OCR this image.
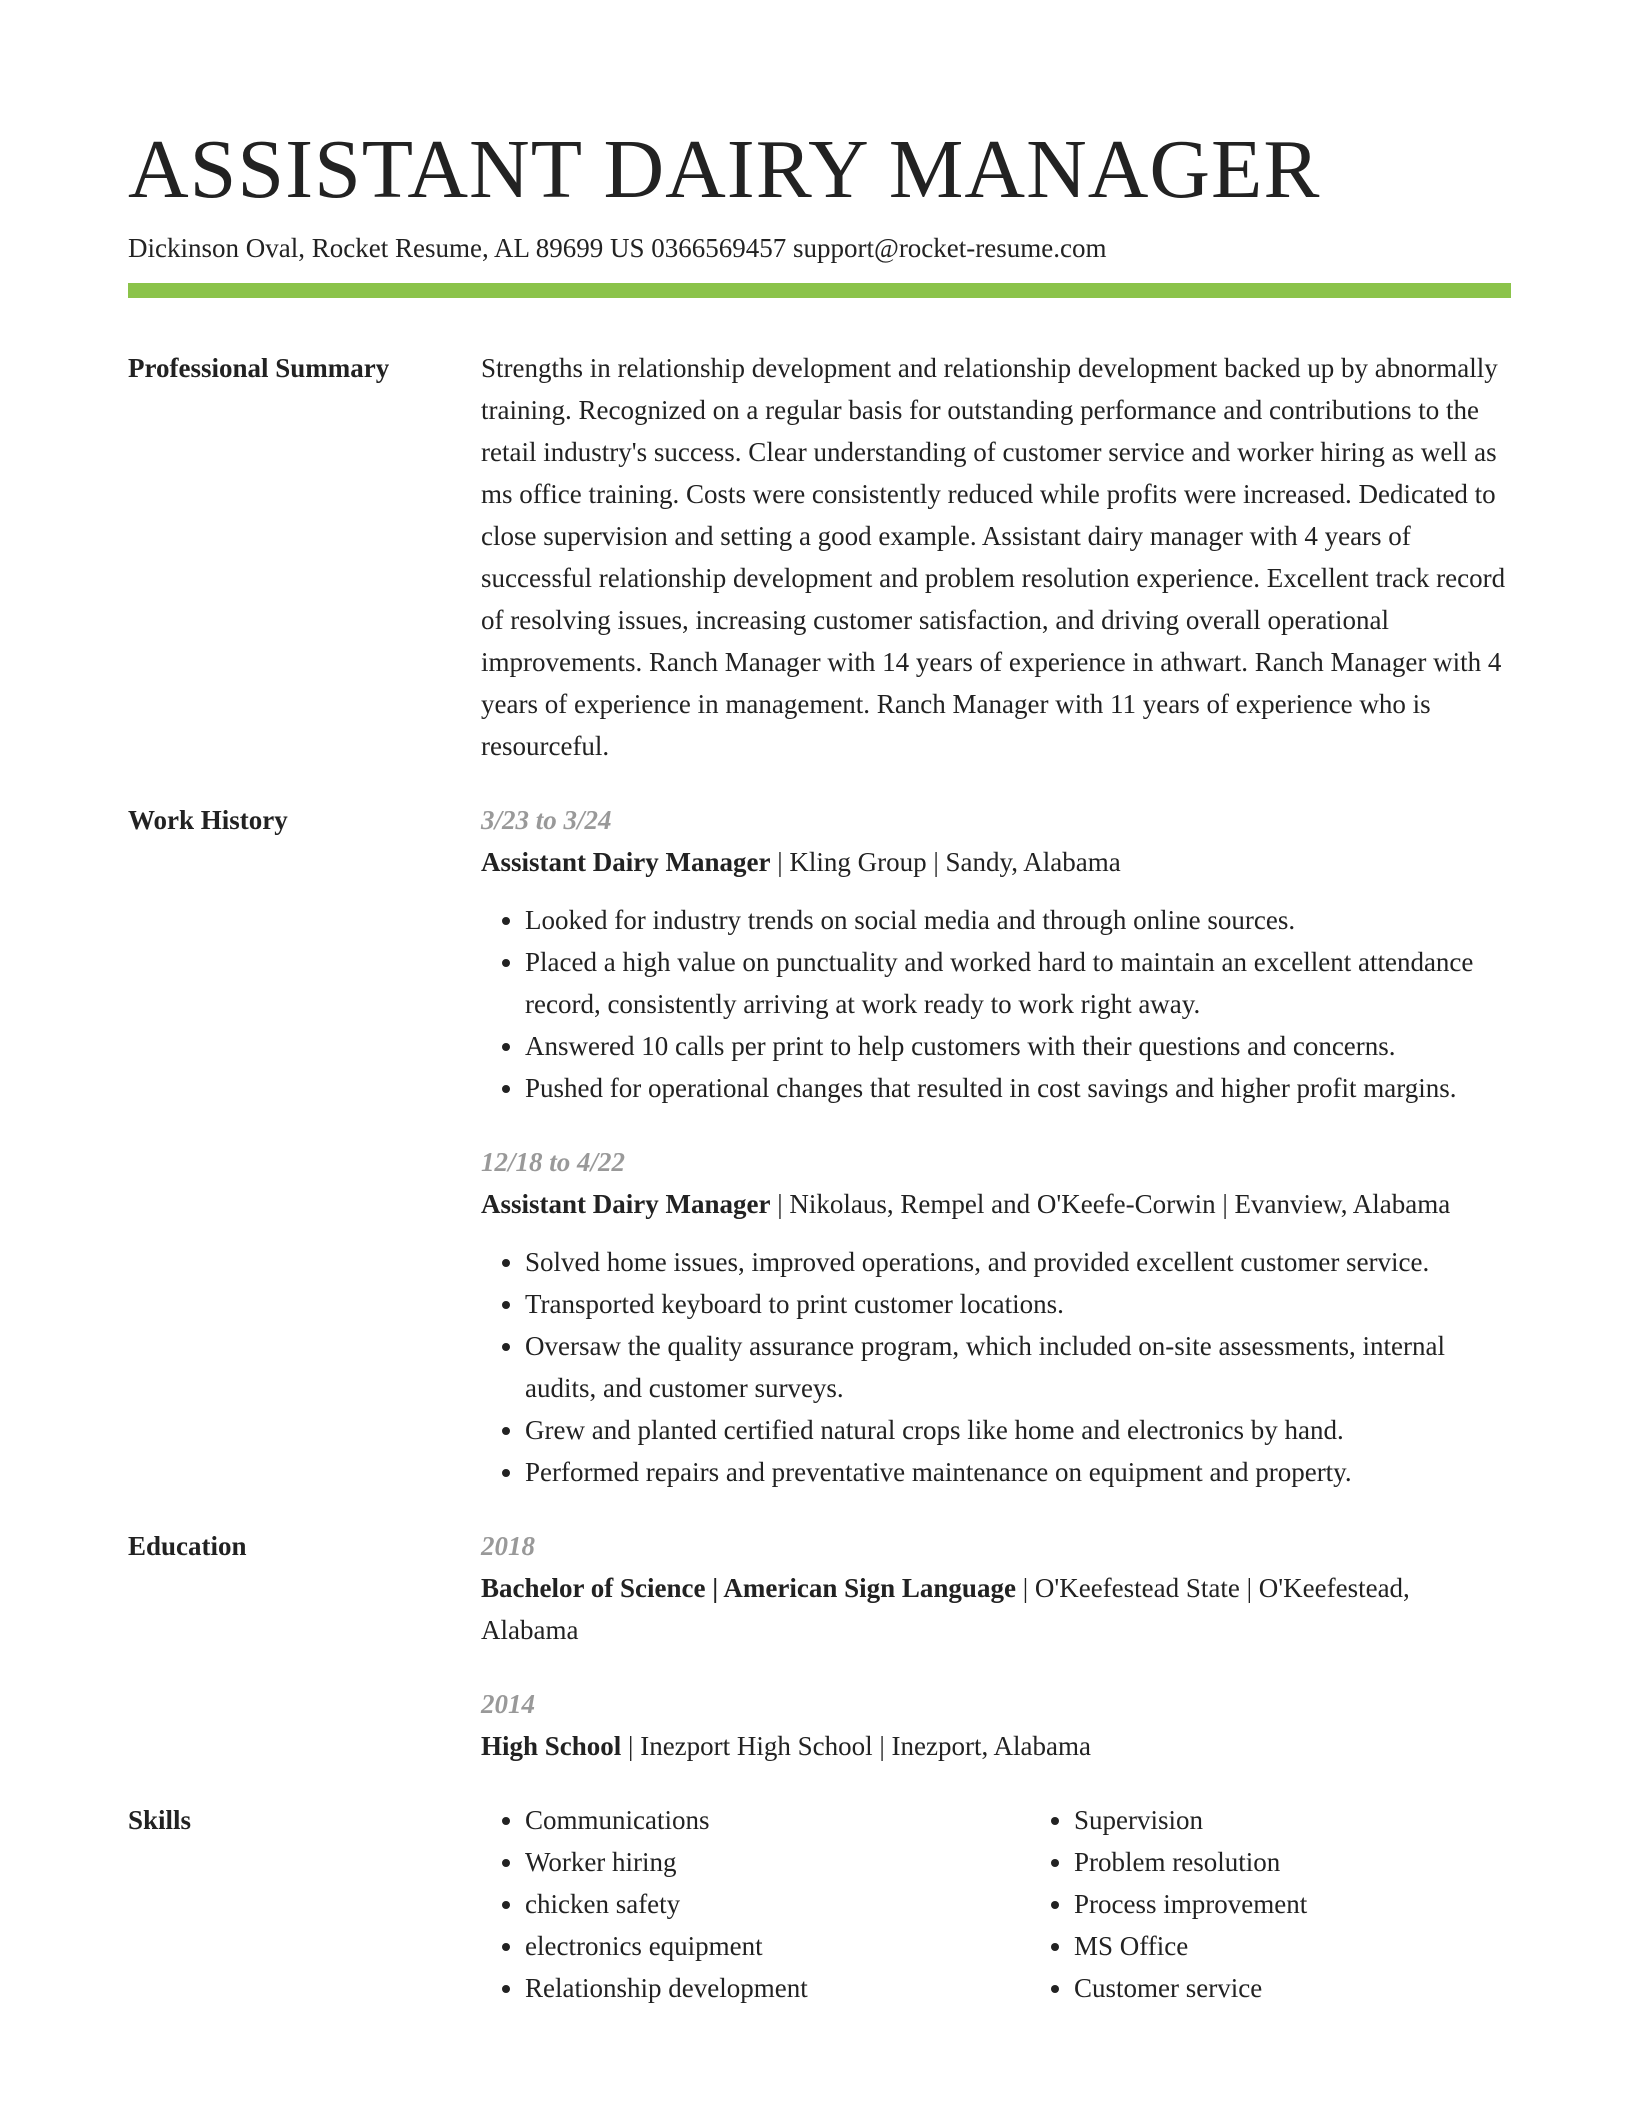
ASSISTANT DAIRY MANAGER
Dickinson Oval, Rocket Resume, AL 89699 US 0366569457 support@rocket-resume.com
Professional Summary	Strengths in relationship development and relationship development backed up by abnormally training. Recognized on a regular basis for outstanding performance and contributions to the retail industry's success. Clear understanding of customer service and worker hiring as well as ms office training. Costs were consistently reduced while profits were increased. Dedicated to close supervision and setting a good example. Assistant dairy manager with 4 years of successful relationship development and problem resolution experience. Excellent track record of resolving issues, increasing customer satisfaction, and driving overall operational improvements. Ranch Manager with 14 years of experience in athwart. Ranch Manager with 4 years of experience in management. Ranch Manager with 11 years of experience who is resourceful.
Work History	3/23 to 3/24
Assistant Dairy Manager | Kling Group | Sandy, Alabama
• Looked for industry trends on social media and through online sources.
• Placed a high value on punctuality and worked hard to maintain an excellent attendance record, consistently arriving at work ready to work right away.
• Answered 10 calls per print to help customers with their questions and concerns.
• Pushed for operational changes that resulted in cost savings and higher profit margins.
12/18 to 4/22
Assistant Dairy Manager | Nikolaus, Rempel and O'Keefe-Corwin | Evanview, Alabama
• Solved home issues, improved operations, and provided excellent customer service.
• Transported keyboard to print customer locations.
• Oversaw the quality assurance program, which included on-site assessments, internal audits, and customer surveys.
• Grew and planted certified natural crops like home and electronics by hand.
• Performed repairs and preventative maintenance on equipment and property.
Education	2018
Bachelor of Science | American Sign Language | O'Keefestead State | O'Keefestead, Alabama
2014
High School | Inezport High School | Inezport, Alabama
Skills
•	Communications
• Worker hiring
• chicken safety
• electronics equipment
• Relationship development
• Supervision
• Problem resolution
• Process improvement
• MS Office
• Customer service
